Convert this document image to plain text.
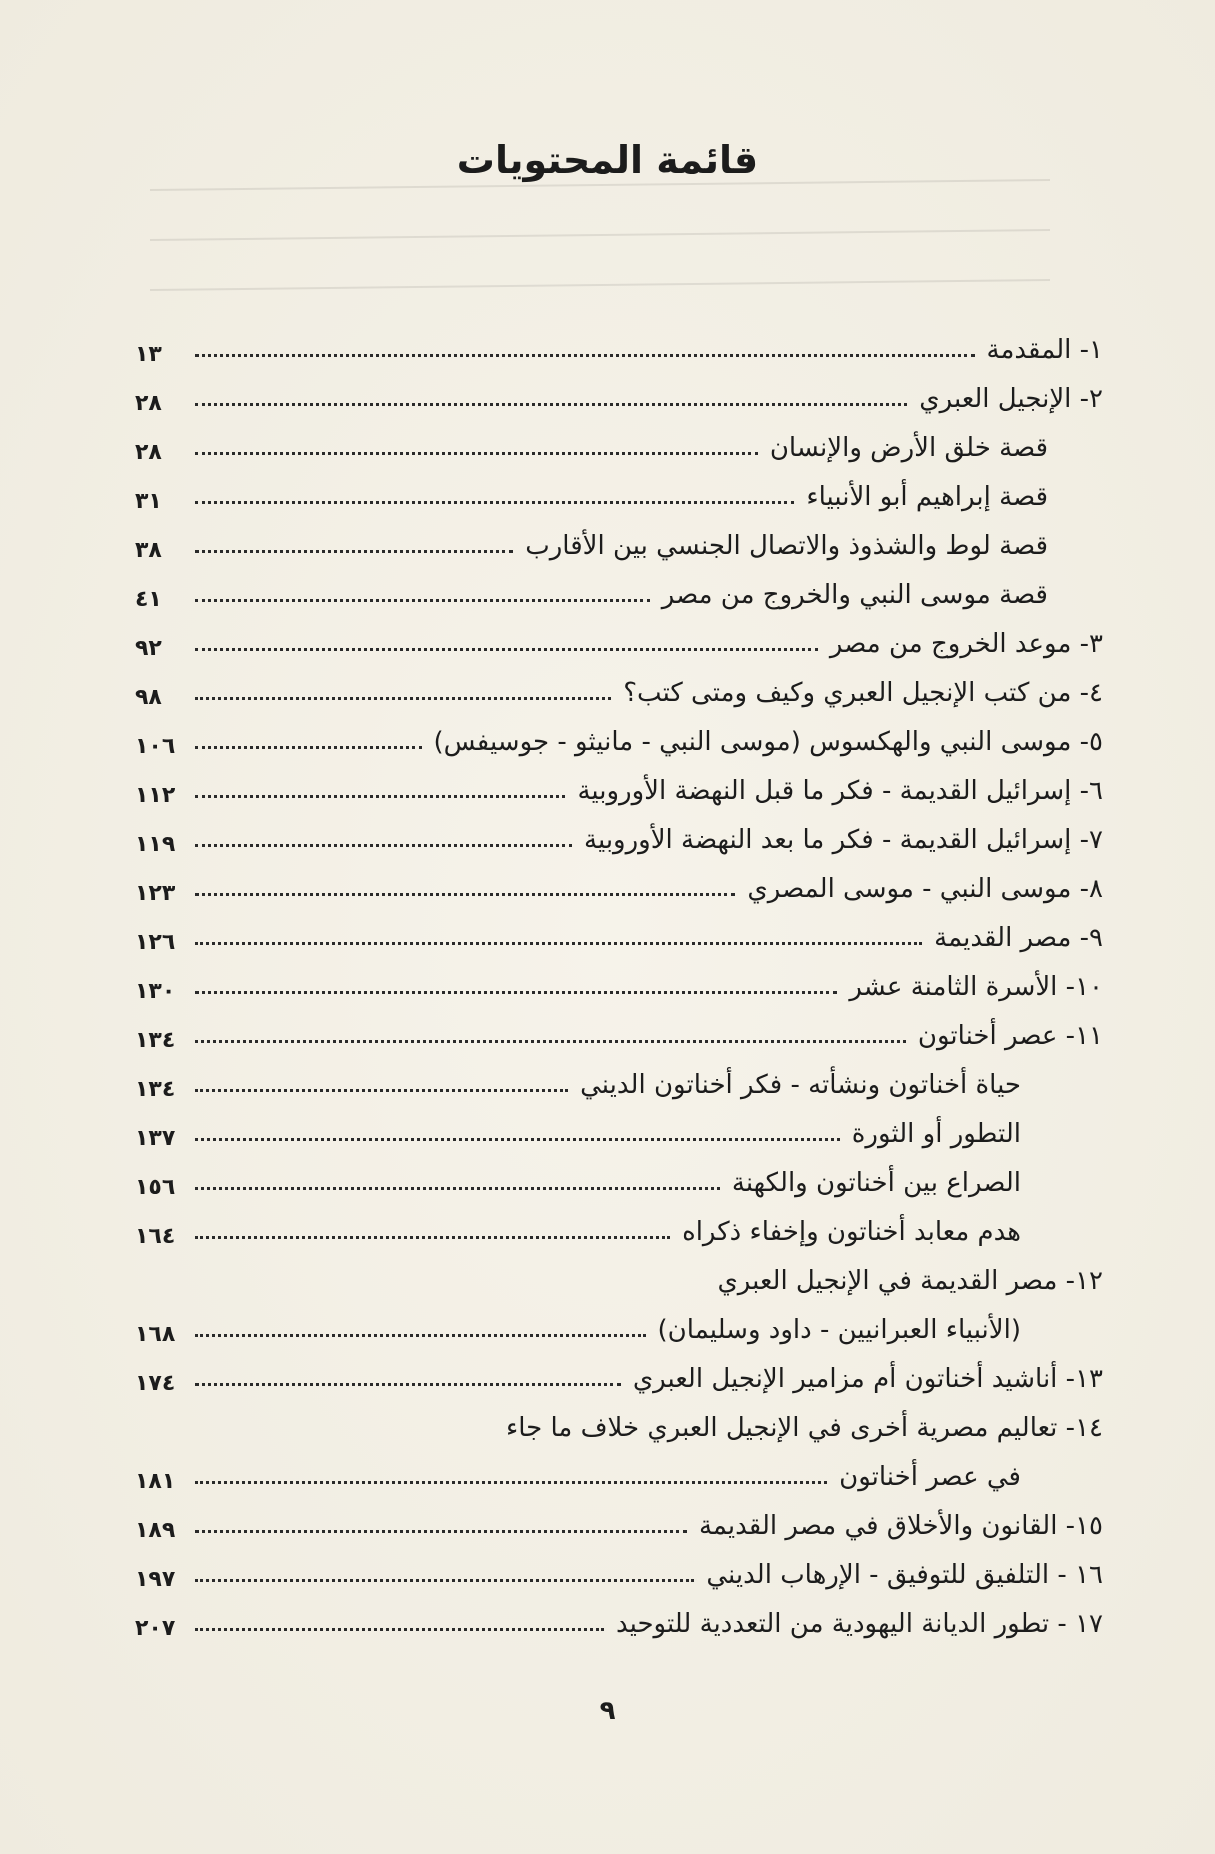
قائمة المحتويات
١- المقدمة
١٣
٢- الإنجيل العبري
٢٨
قصة خلق الأرض والإنسان
٢٨
قصة إبراهيم أبو الأنبياء
٣١
قصة لوط والشذوذ والاتصال الجنسي بين الأقارب
٣٨
قصة موسى النبي والخروج من مصر
٤١
٣- موعد الخروج من مصر
٩٢
٤- من كتب الإنجيل العبري وكيف ومتى كتب؟
٩٨
٥- موسى النبي والهكسوس (موسى النبي - مانيثو - جوسيفس)
١٠٦
٦- إسرائيل القديمة - فكر ما قبل النهضة الأوروبية
١١٢
٧- إسرائيل القديمة - فكر ما بعد النهضة الأوروبية
١١٩
٨- موسى النبي - موسى المصري
١٢٣
٩- مصر القديمة
١٢٦
١٠- الأسرة الثامنة عشر
١٣٠
١١- عصر أخناتون
١٣٤
حياة أخناتون ونشأته - فكر أخناتون الديني
١٣٤
التطور أو الثورة
١٣٧
الصراع بين أخناتون والكهنة
١٥٦
هدم معابد أخناتون وإخفاء ذكراه
١٦٤
١٢- مصر القديمة في الإنجيل العبري
(الأنبياء العبرانيين - داود وسليمان)
١٦٨
١٣- أناشيد أخناتون أم مزامير الإنجيل العبري
١٧٤
١٤- تعاليم مصرية أخرى في الإنجيل العبري خلاف ما جاء
في عصر أخناتون
١٨١
١٥- القانون والأخلاق في مصر القديمة
١٨٩
١٦ - التلفيق للتوفيق - الإرهاب الديني
١٩٧
١٧ - تطور الديانة اليهودية من التعددية للتوحيد
٢٠٧
٩
